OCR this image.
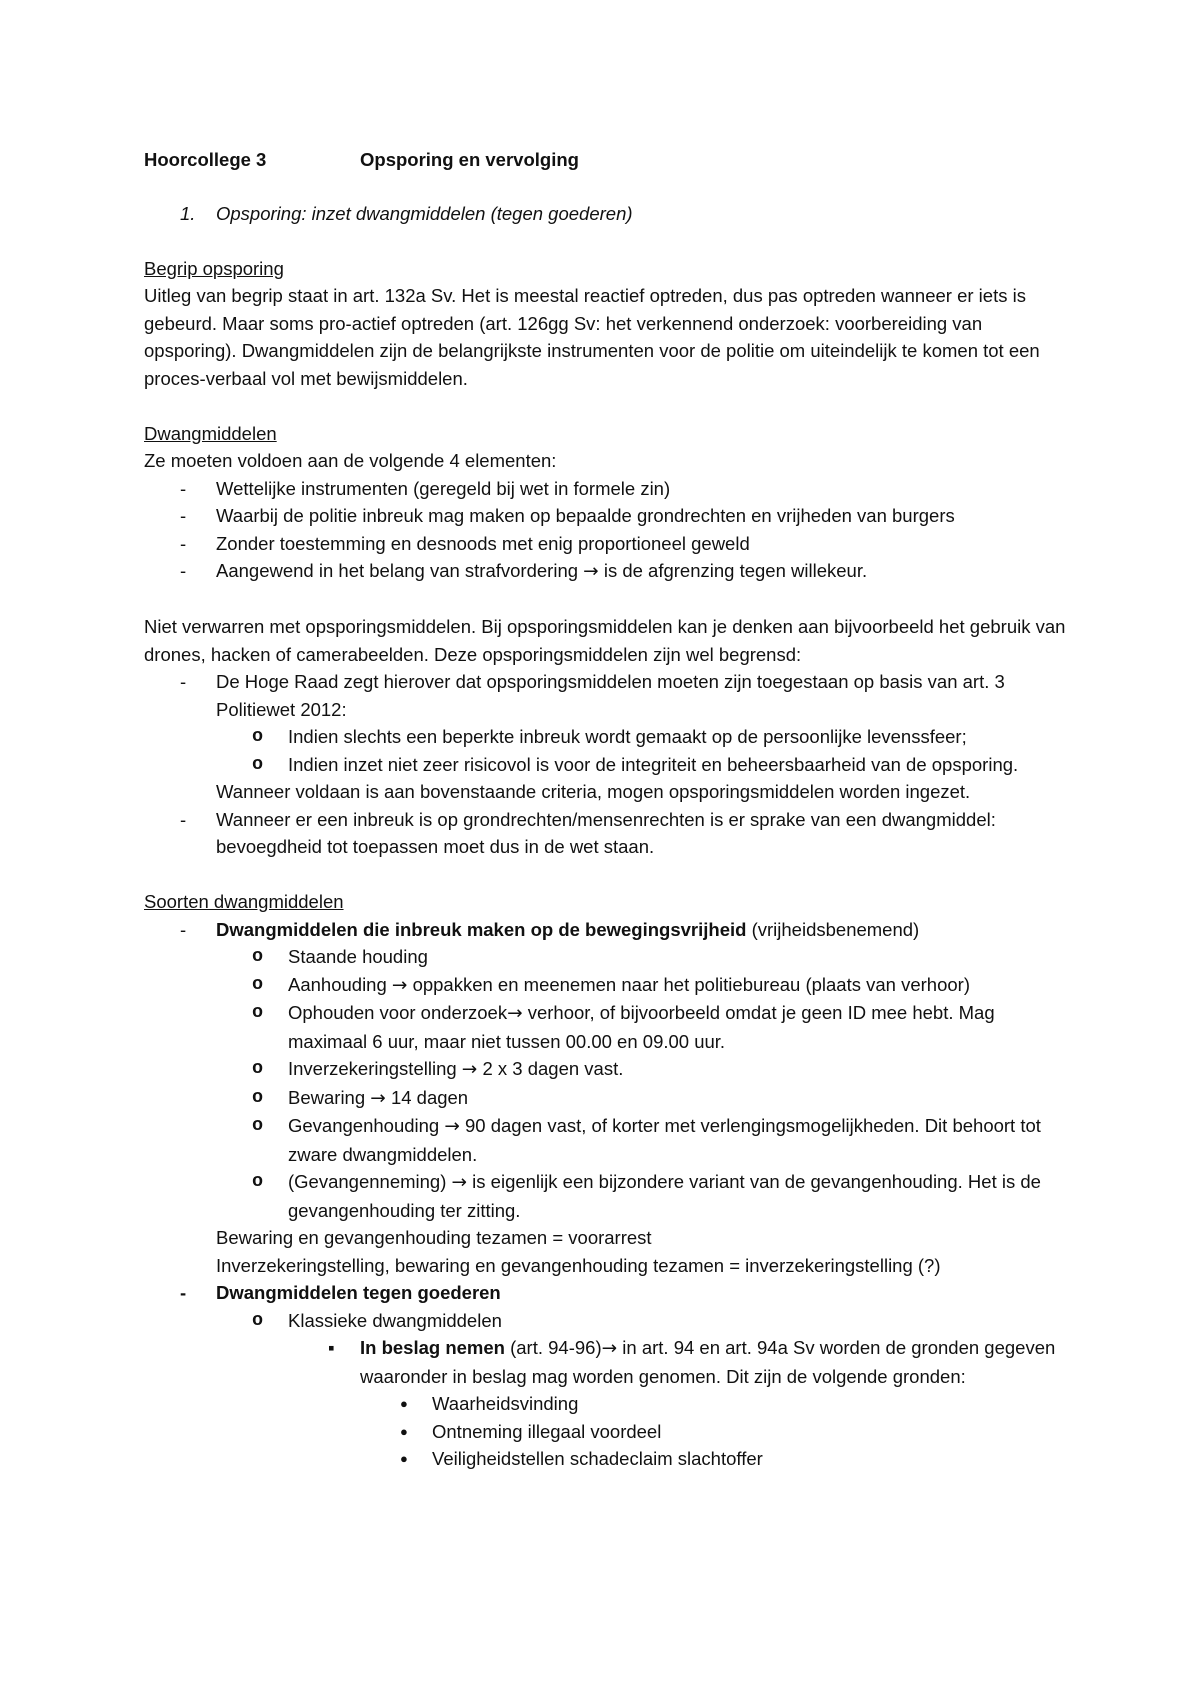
Hoorcollege 3	Opsporing en vervolging
1.	Opsporing: inzet dwangmiddelen (tegen goederen)
Begrip opsporing

Uitleg van begrip staat in art. 132a Sv. Het is meestal reactief optreden, dus pas optreden wanneer er iets is gebeurd. Maar soms pro-actief optreden (art. 126gg Sv: het verkennend onderzoek: voorbereiding van opsporing). Dwangmiddelen zijn de belangrijkste instrumenten voor de politie om uiteindelijk te komen tot een proces-verbaal vol met bewijsmiddelen.

Dwangmiddelen

Ze moeten voldoen aan de volgende 4 elementen:

- Wettelijke instrumenten (geregeld bij wet in formele zin)
- Waarbij de politie inbreuk mag maken op bepaalde grondrechten en vrijheden van burgers
- Zonder toestemming en desnoods met enig proportioneel geweld
- Aangewend in het belang van strafvordering → is de afgrenzing tegen willekeur.

Niet verwarren met opsporingsmiddelen. Bij opsporingsmiddelen kan je denken aan bijvoorbeeld het gebruik van drones, hacken of camerabeelden. Deze opsporingsmiddelen zijn wel begrensd:

- De Hoge Raad zegt hierover dat opsporingsmiddelen moeten zijn toegestaan op basis van art. 3 Politiewet 2012:
o Indien slechts een beperkte inbreuk wordt gemaakt op de persoonlijke levenssfeer;
o Indien inzet niet zeer risicovol is voor de integriteit en beheersbaarheid van de opsporing.
Wanneer voldaan is aan bovenstaande criteria, mogen opsporingsmiddelen worden ingezet.
- Wanneer er een inbreuk is op grondrechten/mensenrechten is er sprake van een dwangmiddel: bevoegdheid tot toepassen moet dus in de wet staan.
Soorten dwangmiddelen
- Dwangmiddelen die inbreuk maken op de bewegingsvrijheid (vrijheidsbenemend)
o Staande houding
o Aanhouding → oppakken en meenemen naar het politiebureau (plaats van verhoor)
o Ophouden voor onderzoek→ verhoor, of bijvoorbeeld omdat je geen ID mee hebt. Mag maximaal 6 uur, maar niet tussen 00.00 en 09.00 uur.
o Inverzekeringstelling → 2 x 3 dagen vast.
o Bewaring → 14 dagen
o Gevangenhouding → 90 dagen vast, of korter met verlengingsmogelijkheden. Dit behoort tot zware dwangmiddelen.
o (Gevangenneming) → is eigenlijk een bijzondere variant van de gevangenhouding. Het is de gevangenhouding ter zitting.
Bewaring en gevangenhouding tezamen = voorarrest
Inverzekeringstelling, bewaring en gevangenhouding tezamen = inverzekeringstelling (?)
- Dwangmiddelen tegen goederen
o Klassieke dwangmiddelen
▪ In beslag nemen (art. 94-96)→ in art. 94 en art. 94a Sv worden de gronden gegeven waaronder in beslag mag worden genomen. Dit zijn de volgende gronden:
● Waarheidsvinding
● Ontneming illegaal voordeel
● Veiligheidstellen schadeclaim slachtoffer
